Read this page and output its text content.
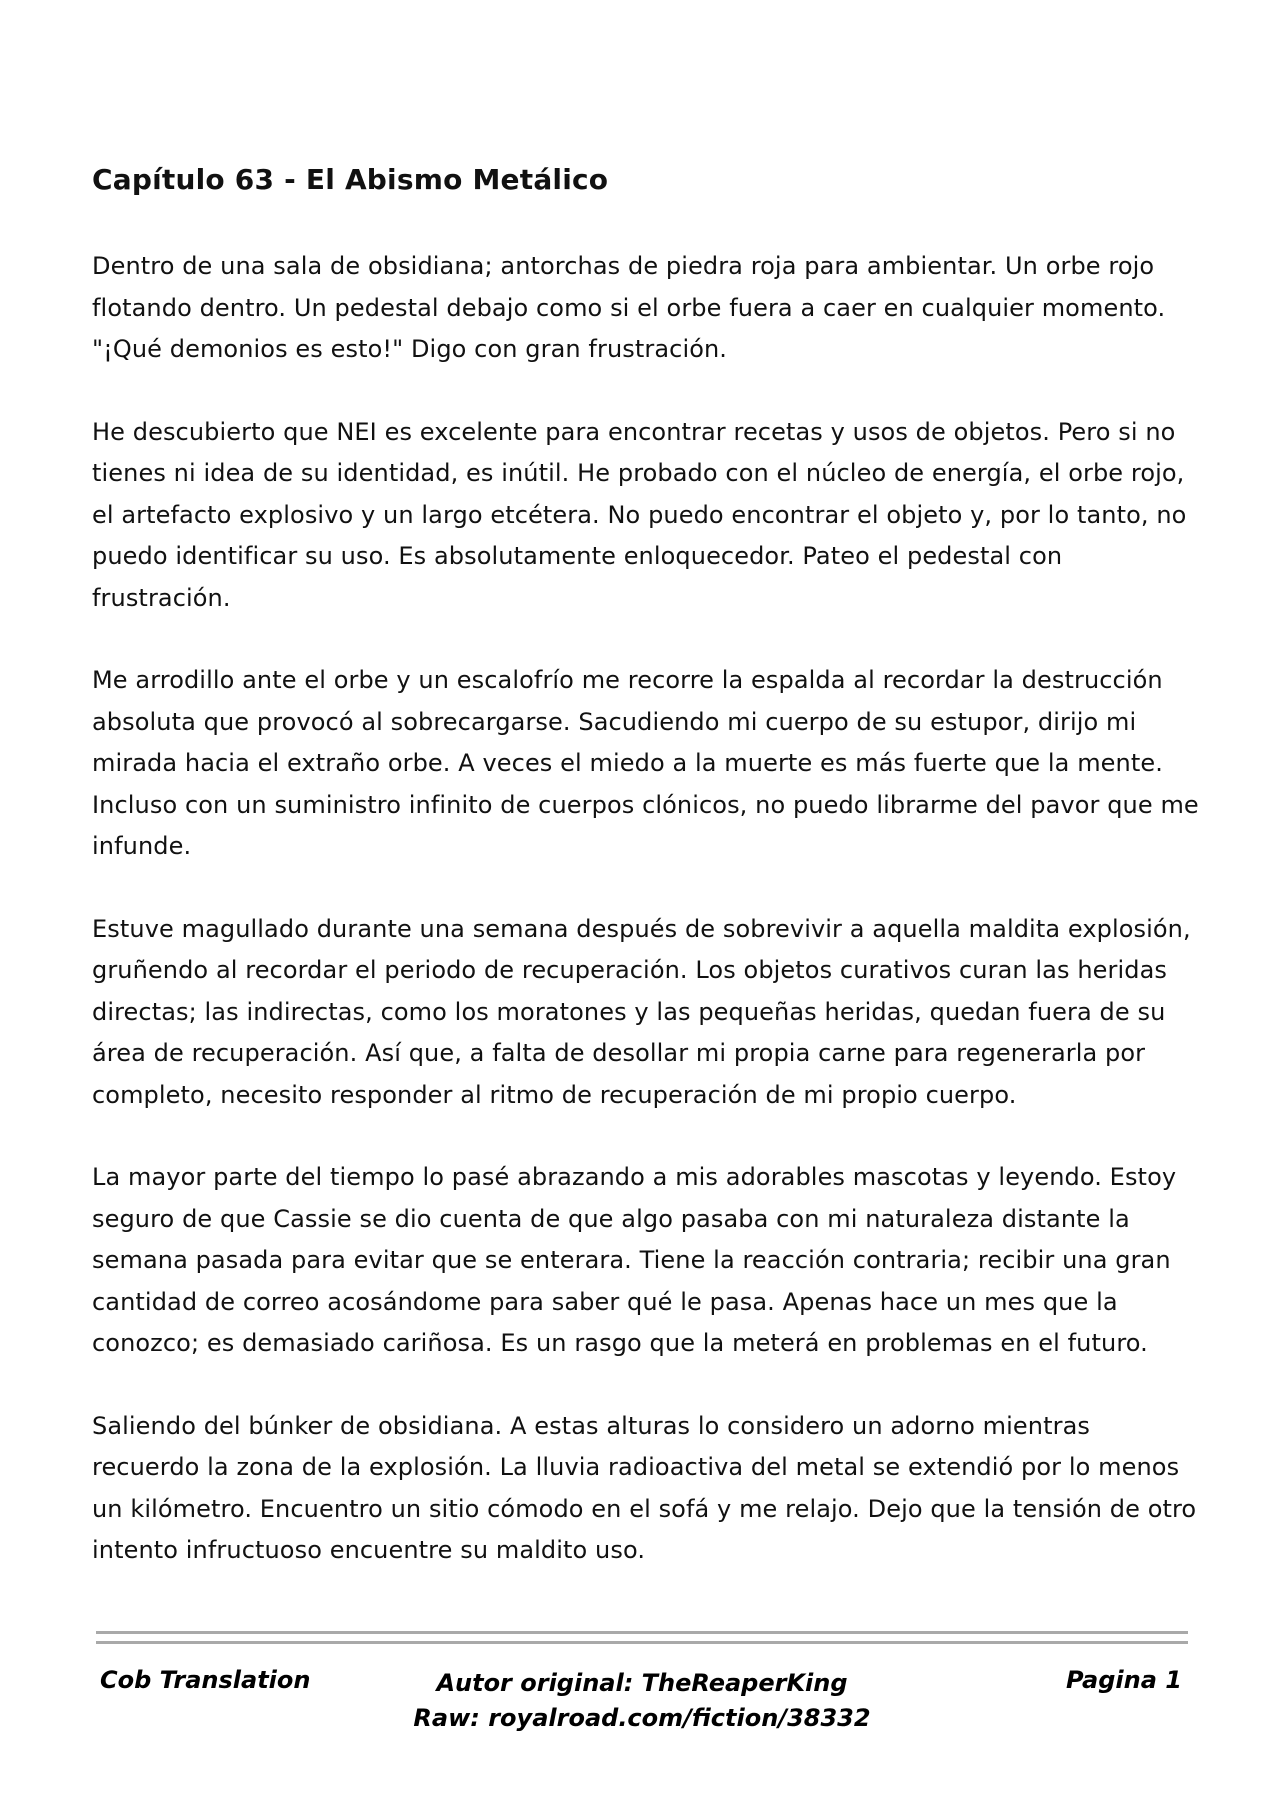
Capítulo 63 - El Abismo Metálico

Dentro de una sala de obsidiana; antorchas de piedra roja para ambientar. Un orbe rojo flotando dentro. Un pedestal debajo como si el orbe fuera a caer en cualquier momento. "¡Qué demonios es esto!" Digo con gran frustración.

He descubierto que NEI es excelente para encontrar recetas y usos de objetos. Pero si no tienes ni idea de su identidad, es inútil. He probado con el núcleo de energía, el orbe rojo, el artefacto explosivo y un largo etcétera. No puedo encontrar el objeto y, por lo tanto, no puedo identificar su uso. Es absolutamente enloquecedor. Pateo el pedestal con frustración.

Me arrodillo ante el orbe y un escalofrío me recorre la espalda al recordar la destrucción absoluta que provocó al sobrecargarse. Sacudiendo mi cuerpo de su estupor, dirijo mi mirada hacia el extraño orbe. A veces el miedo a la muerte es más fuerte que la mente. Incluso con un suministro infinito de cuerpos clónicos, no puedo librarme del pavor que me infunde.

Estuve magullado durante una semana después de sobrevivir a aquella maldita explosión, gruñendo al recordar el periodo de recuperación. Los objetos curativos curan las heridas directas; las indirectas, como los moratones y las pequeñas heridas, quedan fuera de su área de recuperación. Así que, a falta de desollar mi propia carne para regenerarla por completo, necesito responder al ritmo de recuperación de mi propio cuerpo.

La mayor parte del tiempo lo pasé abrazando a mis adorables mascotas y leyendo. Estoy seguro de que Cassie se dio cuenta de que algo pasaba con mi naturaleza distante la semana pasada para evitar que se enterara. Tiene la reacción contraria; recibir una gran cantidad de correo acosándome para saber qué le pasa. Apenas hace un mes que la conozco; es demasiado cariñosa. Es un rasgo que la meterá en problemas en el futuro.

Saliendo del búnker de obsidiana. A estas alturas lo considero un adorno mientras recuerdo la zona de la explosión. La lluvia radioactiva del metal se extendió por lo menos un kilómetro. Encuentro un sitio cómodo en el sofá y me relajo. Dejo que la tensión de otro intento infructuoso encuentre su maldito uso.

Cob Translation	Autor original: TheReaperKing
Raw: royalroad.com/fiction/38332
Pagina 1
